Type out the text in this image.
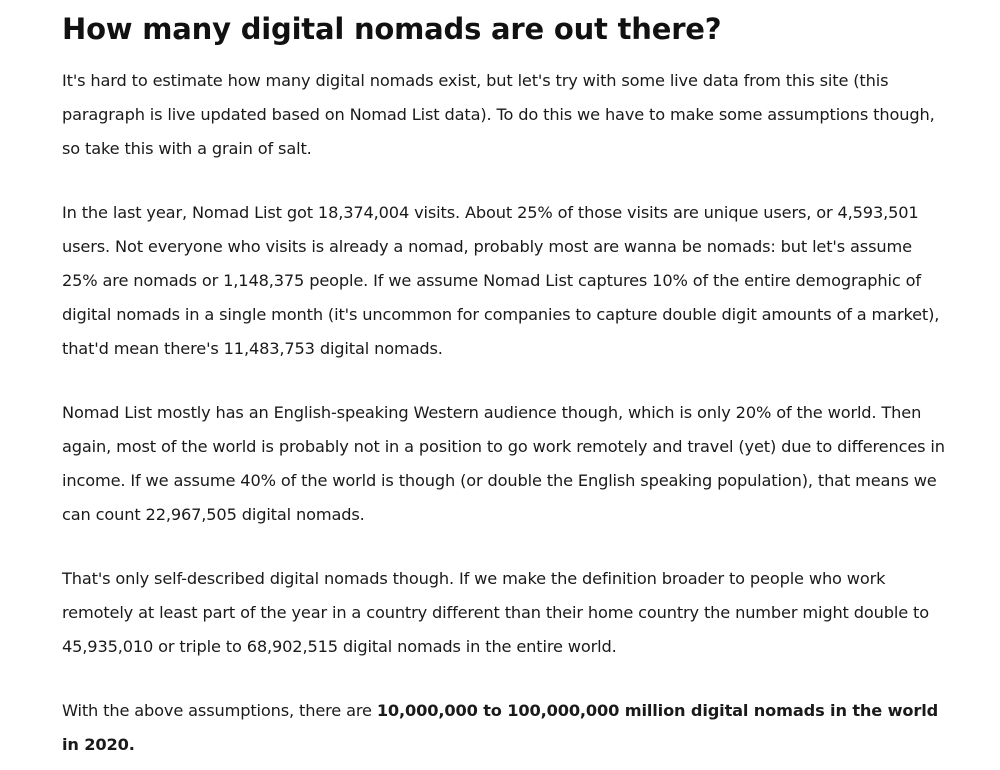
How many digital nomads are out there?

It's hard to estimate how many digital nomads exist, but let's try with some live data from this site (this paragraph is live updated based on Nomad List data). To do this we have to make some assumptions though, so take this with a grain of salt.

In the last year, Nomad List got 18,374,004 visits. About 25% of those visits are unique users, or 4,593,501 users. Not everyone who visits is already a nomad, probably most are wanna be nomads: but let's assume 25% are nomads or 1,148,375 people. If we assume Nomad List captures 10% of the entire demographic of digital nomads in a single month (it's uncommon for companies to capture double digit amounts of a market), that'd mean there's 11,483,753 digital nomads.

Nomad List mostly has an English-speaking Western audience though, which is only 20% of the world. Then again, most of the world is probably not in a position to go work remotely and travel (yet) due to differences in income. If we assume 40% of the world is though (or double the English speaking population), that means we can count 22,967,505 digital nomads.

That's only self-described digital nomads though. If we make the definition broader to people who work remotely at least part of the year in a country different than their home country the number might double to 45,935,010 or triple to 68,902,515 digital nomads in the entire world.

With the above assumptions, there are 10,000,000 to 100,000,000 million digital nomads in the world in 2020.
